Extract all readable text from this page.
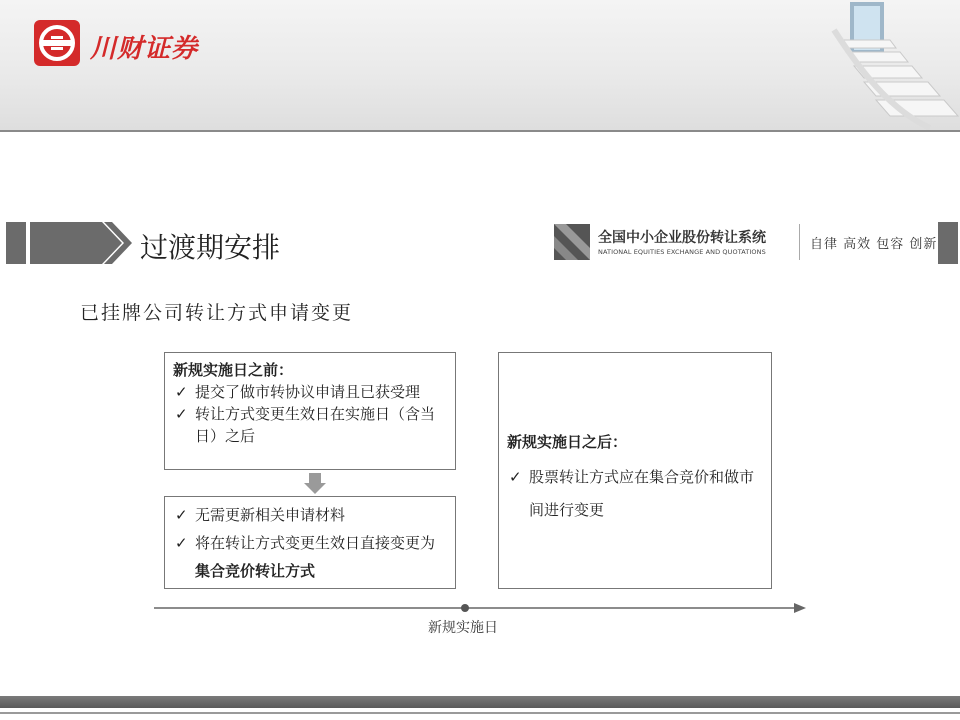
川财证券
过渡期安排	全国中小企业股份转让系统
NATIONAL EQUITIES EXCHANGE AND QUOTATIONS	自律 高效 包容 创新
已挂牌公司转让方式申请变更
新规实施日之前：
✓ 提交了做市转协议申请且已获受理
✓ 转让方式变更生效日在实施日（含当日）之后
✓ 无需更新相关申请材料
✓ 将在转让方式变更生效日直接变更为集合竞价转让方式
新规实施日之后：
✓ 股票转让方式应在集合竞价和做市间进行变更
新规实施日
